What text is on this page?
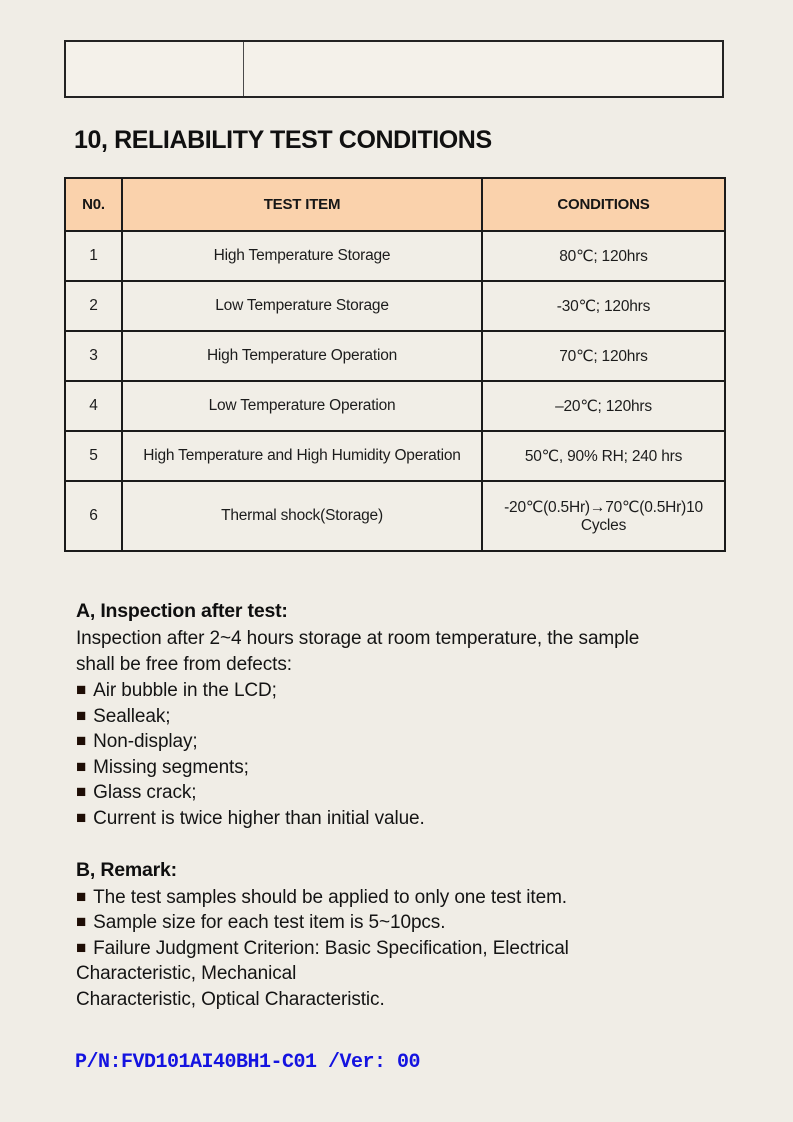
10, RELIABILITY TEST CONDITIONS
N0.	TEST ITEM	CONDITIONS
1	High Temperature Storage	80℃; 120hrs
2	Low Temperature Storage	-30℃; 120hrs
3	High Temperature Operation	70℃; 120hrs
4	Low Temperature Operation	–20℃; 120hrs
5	High Temperature and High Humidity Operation	50℃, 90% RH; 240 hrs
6	Thermal shock(Storage)	-20℃(0.5Hr)→70℃(0.5Hr)10 Cycles
A, Inspection after test:
Inspection after 2~4 hours storage at room temperature, the sample
shall be free from defects:
■ Air bubble in the LCD;
■ Sealleak;
■ Non-display;
■ Missing segments;
■ Glass crack;
■ Current is twice higher than initial value.
B, Remark:
■ The test samples should be applied to only one test item.
■ Sample size for each test item is 5~10pcs.
■ Failure Judgment Criterion: Basic Specification, Electrical
Characteristic, Mechanical
Characteristic, Optical Characteristic.
P/N:FVD101AI40BH1-C01 /Ver: 00
